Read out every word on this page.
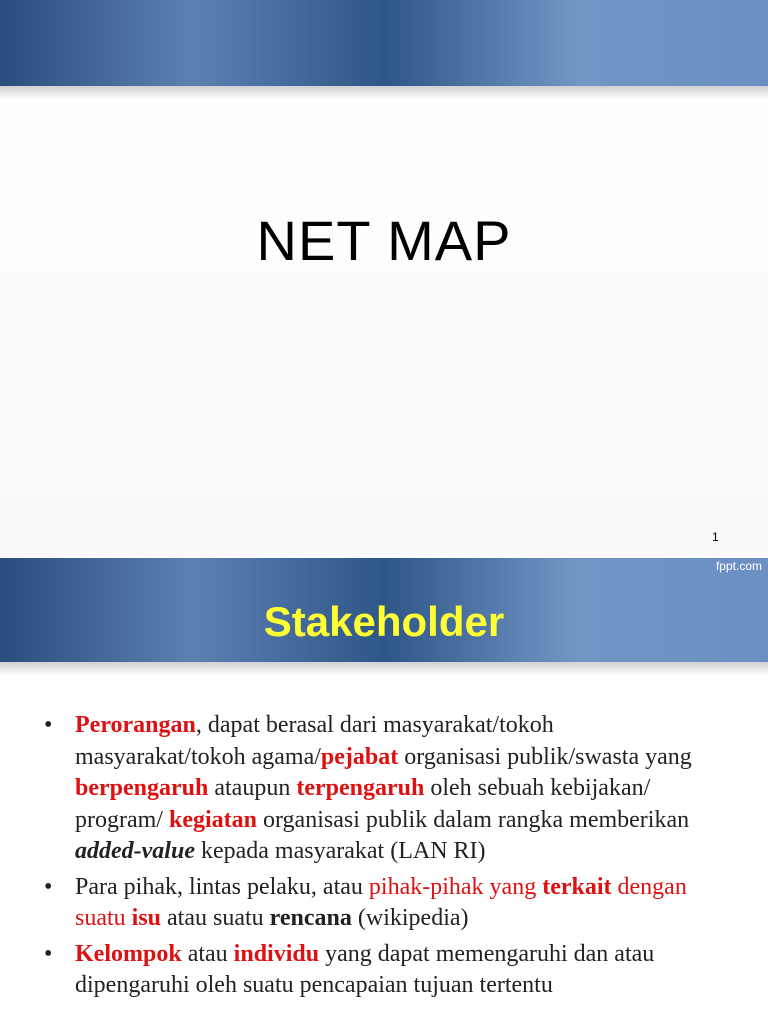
NET MAP
1
fppt.com
Stakeholder
• Perorangan, dapat berasal dari masyarakat/tokoh masyarakat/tokoh agama/pejabat organisasi publik/swasta yang berpengaruh ataupun terpengaruh oleh sebuah kebijakan/ program/ kegiatan organisasi publik dalam rangka memberikan added-value kepada masyarakat (LAN RI)
• Para pihak, lintas pelaku, atau pihak-pihak yang terkait dengan suatu isu atau suatu rencana (wikipedia)
• Kelompok atau individu yang dapat memengaruhi dan atau dipengaruhi oleh suatu pencapaian tujuan tertentu
